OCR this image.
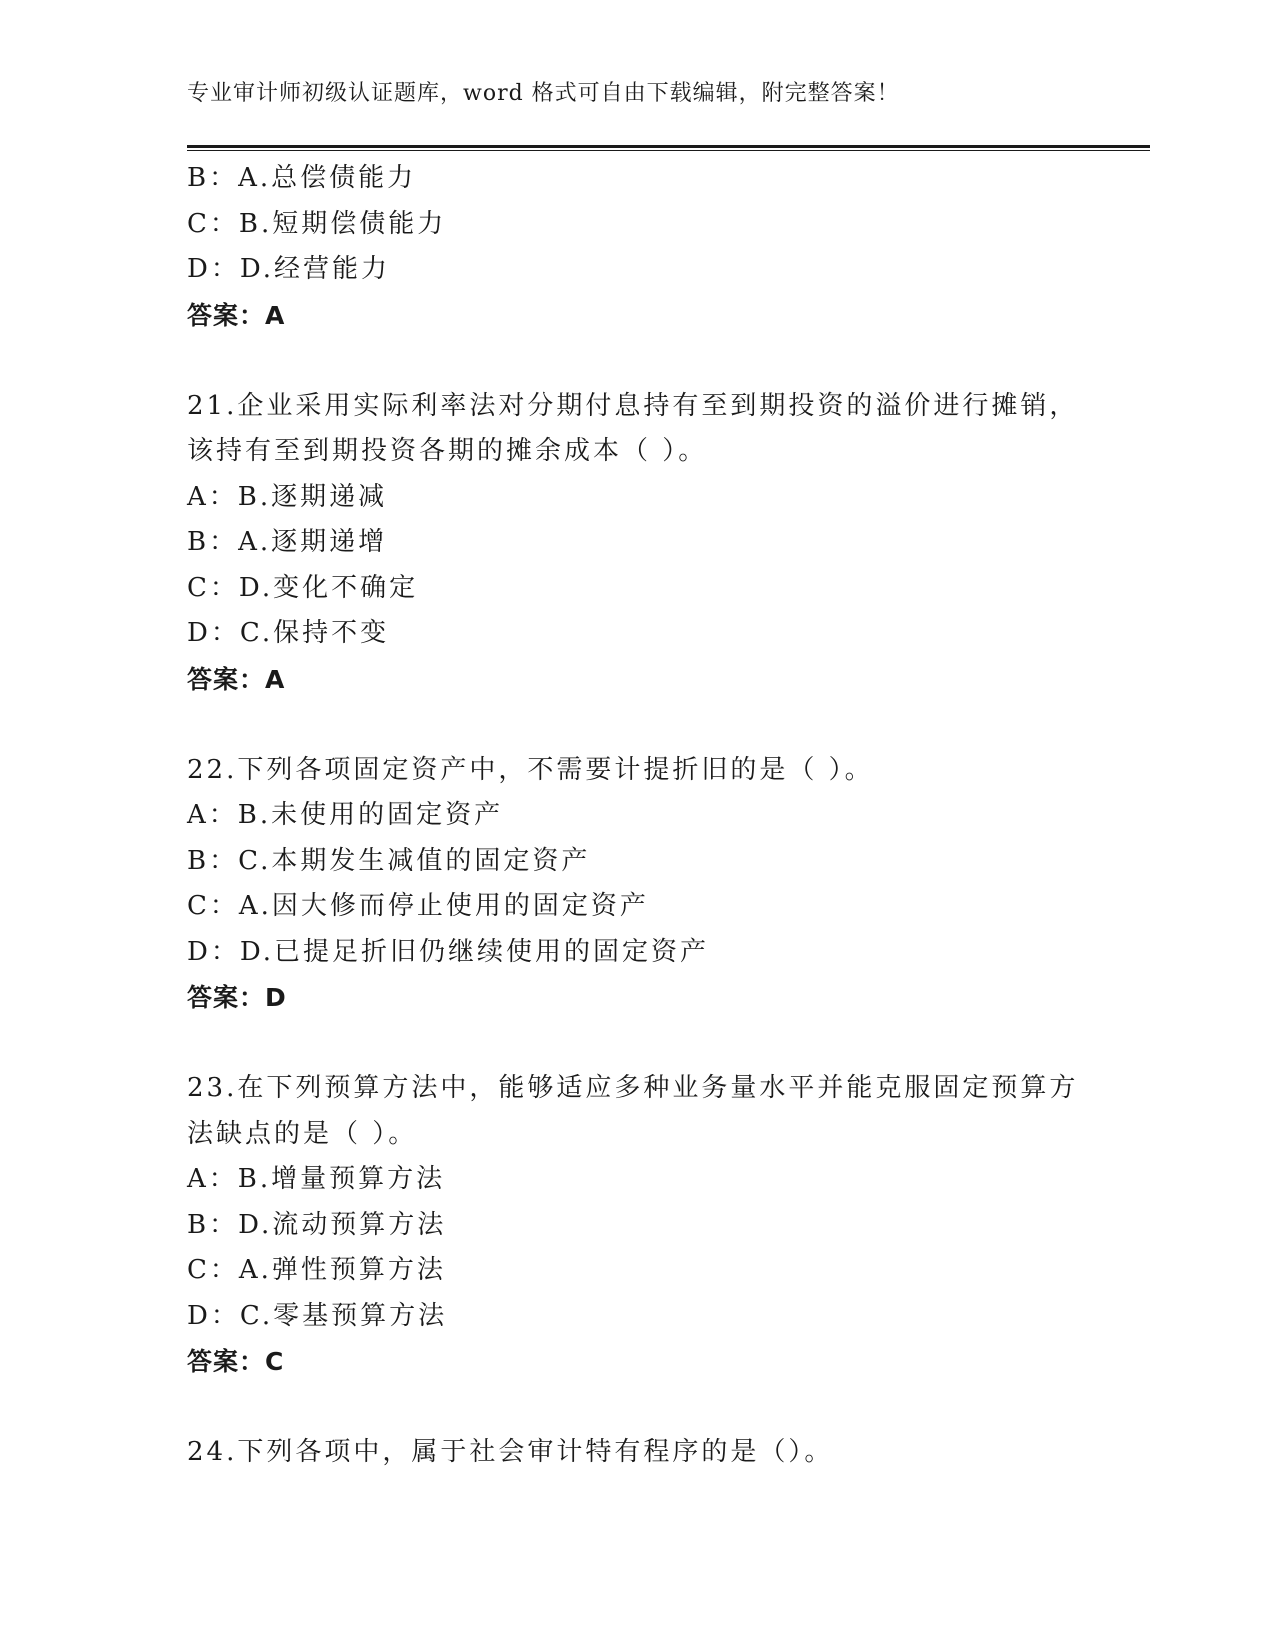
专业审计师初级认证题库，word 格式可自由下载编辑，附完整答案！
B：A.总偿债能力
C：B.短期偿债能力
D：D.经营能力
答案：A
21.企业采用实际利率法对分期付息持有至到期投资的溢价进行摊销，
该持有至到期投资各期的摊余成本（ ）。
A：B.逐期递减
B：A.逐期递增
C：D.变化不确定
D：C.保持不变
答案：A
22.下列各项固定资产中，不需要计提折旧的是（ ）。
A：B.未使用的固定资产
B：C.本期发生减值的固定资产
C：A.因大修而停止使用的固定资产
D：D.已提足折旧仍继续使用的固定资产
答案：D
23.在下列预算方法中，能够适应多种业务量水平并能克服固定预算方
法缺点的是（ ）。
A：B.增量预算方法
B：D.流动预算方法
C：A.弹性预算方法
D：C.零基预算方法
答案：C
24.下列各项中，属于社会审计特有程序的是（）。
